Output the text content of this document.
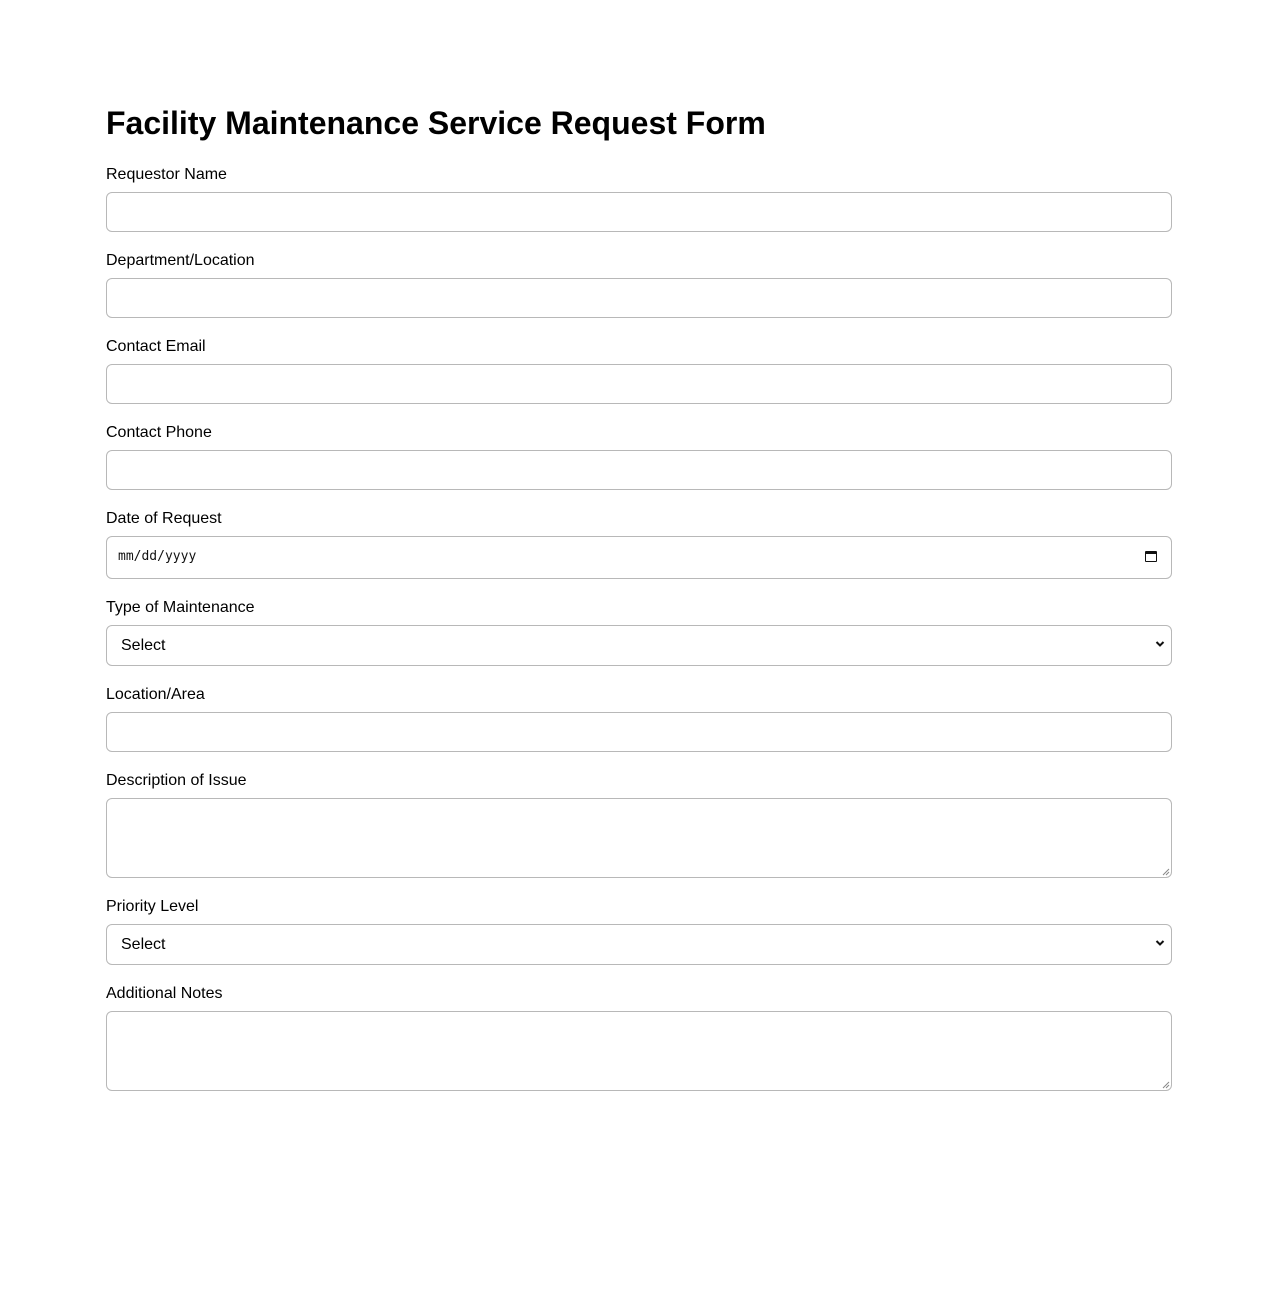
Facility Maintenance Service Request Form
Requestor Name
Department/Location
Contact Email
Contact Phone
Date of Request
mm/dd/yyyy
Type of Maintenance
Select
Location/Area
Description of Issue
Priority Level
Select
Additional Notes
